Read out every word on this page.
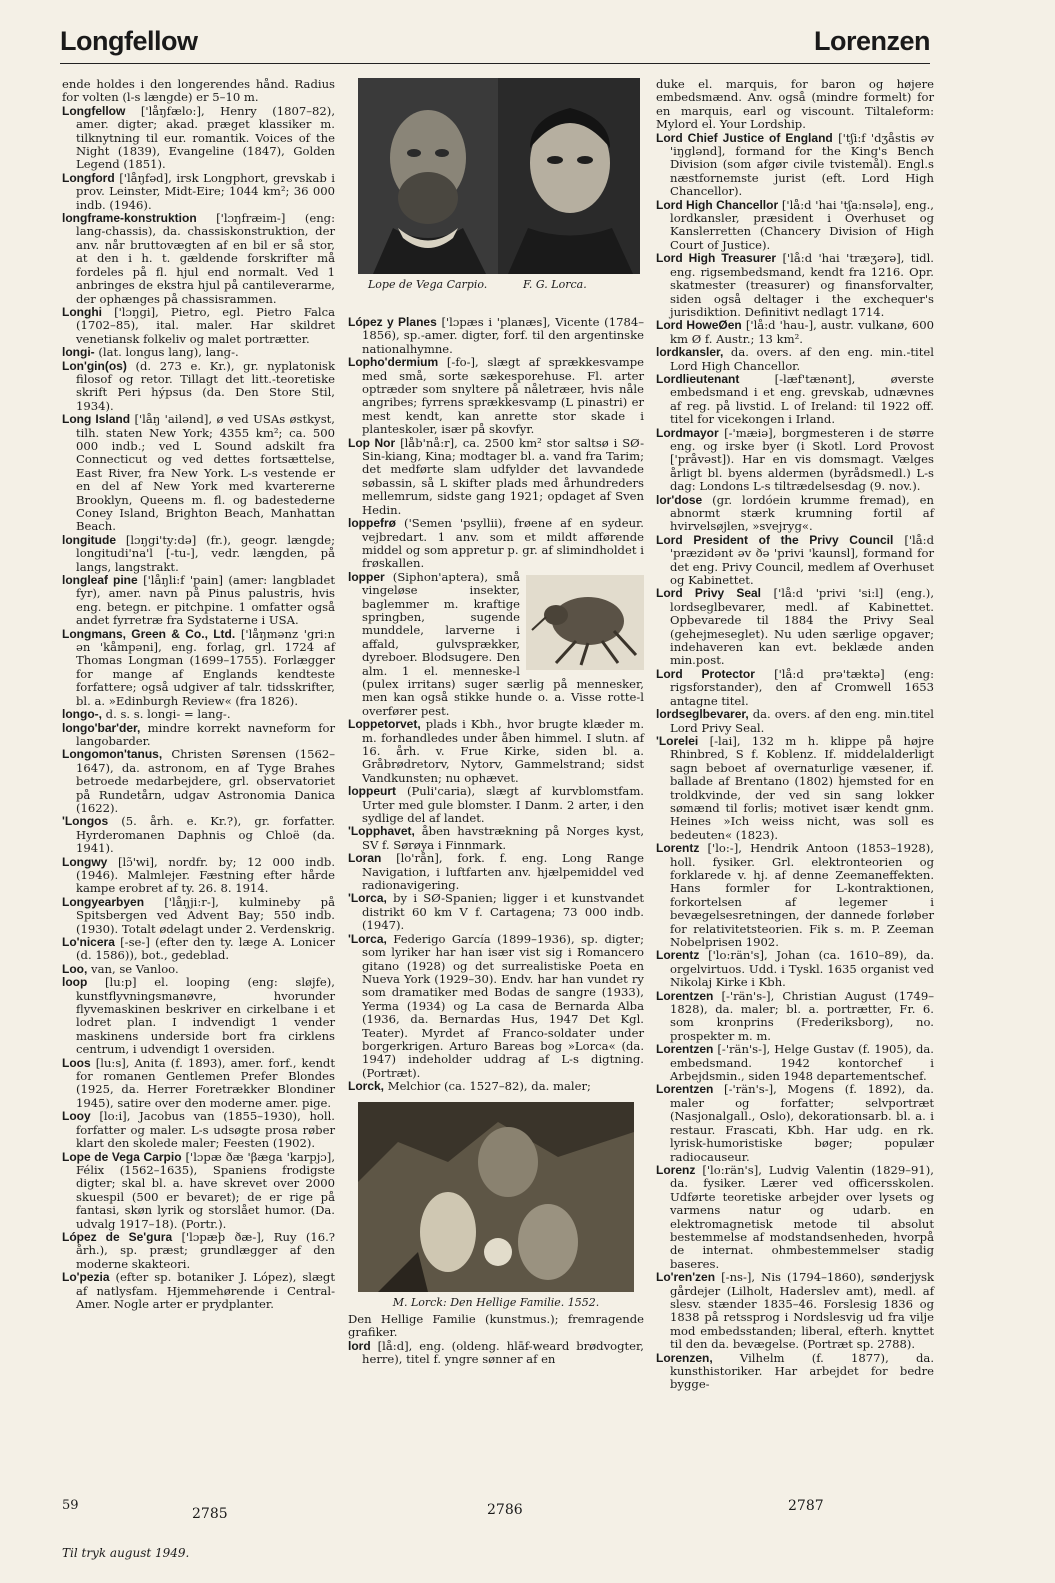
Longfellow	Lorenzen

ende holdes i den longerendes hånd. Radius for volten (l-s længde) er 5–10 m.

Longfellow ['låŋfælo:], Henry (1807–82), amer. digter; akad. præget klassiker m. tilknytning til eur. romantik. Voices of the Night (1839), Evangeline (1847), Golden Legend (1851).

Longford ['låŋfəd], irsk Longphort, grevskab i prov. Leinster, Midt-Eire; 1044 km²; 36 000 indb. (1946).

longframe-konstruktion ['lɔŋfræim-] (eng: lang-chassis), da. chassiskonstruktion, der anv. når bruttovægten af en bil er så stor, at den i h. t. gældende forskrifter må fordeles på fl. hjul end normalt. Ved 1 anbringes de ekstra hjul på cantileverarme, der ophænges på chassisrammen.

Longhi ['lɔŋgi], Pietro, egl. Pietro Falca (1702–85), ital. maler. Har skildret venetiansk folkeliv og malet portrætter.

longi- (lat. longus lang), lang-.

Lon'gin(os) (d. 273 e. Kr.), gr. nyplatonisk filosof og retor. Tillagt det litt.-teoretiske skrift Peri hýpsus (da. Den Store Stil, 1934).

Long Island ['låŋ 'ailənd], ø ved USAs østkyst, tilh. staten New York; 4355 km²; ca. 500 000 indb.; ved L Sound adskilt fra Connecticut og ved dettes fortsættelse, East River, fra New York. L-s vestende er en del af New York med kvartererne Brooklyn, Queens m. fl. og badestederne Coney Island, Brighton Beach, Manhattan Beach.

longitude [lɔŋgi'ty:də] (fr.), geogr. længde; longitudi'na'l [-tu-], vedr. længden, på langs, langstrakt.

longleaf pine ['låŋli:f 'pain] (amer: langbladet fyr), amer. navn på Pinus palustris, hvis eng. betegn. er pitchpine. 1 omfatter også andet fyrretræ fra Sydstaterne i USA.

Longmans, Green & Co., Ltd. ['låŋmənz 'gri:n ən 'kåmpəni], eng. forlag, grl. 1724 af Thomas Longman (1699–1755). Forlægger for mange af Englands kendteste forfattere; også udgiver af talr. tidsskrifter, bl. a. »Edinburgh Review« (fra 1826).

longo-, d. s. s. longi- = lang-.

longo'bar'der, mindre korrekt navneform for langobarder.

Longomon'tanus, Christen Sørensen (1562–1647), da. astronom, en af Tyge Brahes betroede medarbejdere, grl. observatoriet på Rundetårn, udgav Astronomia Danica (1622).

'Longos (5. årh. e. Kr.?), gr. forfatter. Hyrderomanen Daphnis og Chloë (da. 1941).

Longwy [lɔ̃'wi], nordfr. by; 12 000 indb. (1946). Malmlejer. Fæstning efter hårde kampe erobret af ty. 26. 8. 1914.

Longyearbyen ['låŋji:r-], kulmineby på Spitsbergen ved Advent Bay; 550 indb. (1930). Totalt ødelagt under 2. Verdenskrig.

Lo'nicera [-se-] (efter den ty. læge A. Lonicer (d. 1586)), bot., gedeblad.

Loo, van, se Vanloo.

loop [lu:p] el. looping (eng: sløjfe), kunstflyvningsmanøvre, hvorunder flyvemaskinen beskriver en cirkelbane i et lodret plan. I indvendigt 1 vender maskinens underside bort fra cirklens centrum, i udvendigt 1 oversiden.

Loos [lu:s], Anita (f. 1893), amer. forf., kendt for romanen Gentlemen Prefer Blondes (1925, da. Herrer Foretrækker Blondiner 1945), satire over den moderne amer. pige.

Looy [lo:i], Jacobus van (1855–1930), holl. forfatter og maler. L-s udsøgte prosa røber klart den skolede maler; Feesten (1902).

Lope de Vega Carpio ['lɔpæ ðæ 'βæga 'karpjɔ], Félix (1562–1635), Spaniens frodigste digter; skal bl. a. have skrevet over 2000 skuespil (500 er bevaret); de er rige på fantasi, skøn lyrik og storslået humor. (Da. udvalg 1917–18). (Portr.).

López de Se'gura ['lɔpæþ ðæ-], Ruy (16.? årh.), sp. præst; grundlægger af den moderne skakteori.

Lo'pezia (efter sp. botaniker J. López), slægt af natlysfam. Hjemmehørende i Central-Amer. Nogle arter er prydplanter.

Lope de Vega Carpio.	F. G. Lorca.

López y Planes ['lɔpæs i 'planæs], Vicente (1784–1856), sp.-amer. digter, forf. til den argentinske nationalhymne.

Lopho'dermium [-fo-], slægt af sprækkesvampe med små, sorte sækesporehuse. Fl. arter optræder som snyltere på nåletræer, hvis nåle angribes; fyrrens sprækkesvamp (L pinastri) er mest kendt, kan anrette stor skade i planteskoler, især på skovfyr.

Lop Nor [låb'nå:r], ca. 2500 km² stor saltsø i SØ-Sin-kiang, Kina; modtager bl. a. vand fra Tarim; det medførte slam udfylder det lavvandede søbassin, så L skifter plads med århundreders mellemrum, sidste gang 1921; opdaget af Sven Hedin.

loppefrø ('Semen 'psyllii), frøene af en sydeur. vejbredart. 1 anv. som et mildt afførende middel og som appretur p. gr. af slimindholdet i frøskallen.

lopper (Siphon'aptera), små vingeløse insekter, baglemmer m. kraftige springben, sugende munddele, larverne i affald, gulvsprækker, dyreboer. Blodsugere. Den alm. 1 el. menneske-l (pulex irritans) suger særlig på mennesker, men kan også stikke hunde o. a. Visse rotte-l overfører pest.

Loppetorvet, plads i Kbh., hvor brugte klæder m. m. forhandledes under åben himmel. I slutn. af 16. årh. v. Frue Kirke, siden bl. a. Gråbrødretorv, Nytorv, Gammelstrand; sidst Vandkunsten; nu ophævet.

loppeurt (Puli'caria), slægt af kurvblomstfam. Urter med gule blomster. I Danm. 2 arter, i den sydlige del af landet.

'Lopphavet, åben havstrækning på Norges kyst, SV f. Sørøya i Finnmark.

Loran [lo'rån], fork. f. eng. Long Range Navigation, i luftfarten anv. hjælpemiddel ved radionavigering.

'Lorca, by i SØ-Spanien; ligger i et kunstvandet distrikt 60 km V f. Cartagena; 73 000 indb. (1947).

'Lorca, Federigo García (1899–1936), sp. digter; som lyriker har han især vist sig i Romancero gitano (1928) og det surrealistiske Poeta en Nueva York (1929–30). Endv. har han vundet ry som dramatiker med Bodas de sangre (1933), Yerma (1934) og La casa de Bernarda Alba (1936, da. Bernardas Hus, 1947 Det Kgl. Teater). Myrdet af Franco-soldater under borgerkrigen. Arturo Bareas bog »Lorca« (da. 1947) indeholder uddrag af L-s digtning. (Portræt).

Lorck, Melchior (ca. 1527–82), da. maler;

M. Lorck: Den Hellige Familie. 1552.

Den Hellige Familie (kunstmus.); fremragende grafiker.

lord [lå:d], eng. (oldeng. hlāf-weard brødvogter, herre), titel f. yngre sønner af en

duke el. marquis, for baron og højere embedsmænd. Anv. også (mindre formelt) for en marquis, earl og viscount. Tiltaleform: Mylord el. Your Lordship.

Lord Chief Justice of England ['tʃi:f 'dʒåstis əv 'iŋglənd], formand for the King's Bench Division (som afgør civile tvistemål). Engl.s næstfornemste jurist (eft. Lord High Chancellor).

Lord High Chancellor ['lå:d 'hai 'tʃa:nsələ], eng., lordkansler, præsident i Overhuset og Kanslerretten (Chancery Division of High Court of Justice).

Lord High Treasurer ['lå:d 'hai 'træʒərə], tidl. eng. rigsembedsmand, kendt fra 1216. Opr. skatmester (treasurer) og finansforvalter, siden også deltager i the exchequer's jurisdiktion. Definitivt nedlagt 1714.

Lord HoweØen ['lå:d 'hau-], austr. vulkanø, 600 km Ø f. Austr.; 13 km².

lordkansler, da. overs. af den eng. min.-titel Lord High Chancellor.

Lordlieutenant	[-læf'tænənt], øverste embedsmand i et eng. grevskab, udnævnes af reg. på livstid. L of Ireland: til 1922 off. titel for vicekongen i Irland.

Lordmayor [-'mæiə], borgmesteren i de større eng. og irske byer (i Skotl. Lord Provost ['pråvəst]). Har en vis domsmagt. Vælges årligt bl. byens aldermen (byrådsmedl.) L-s dag: Londons L-s tiltrædelsesdag (9. nov.).

lor'dose (gr. lordóein krumme fremad), en abnormt stærk krumning fortil af hvirvelsøjlen, »svejryg«.

Lord President of the Privy Council ['lå:d 'præzidənt əv ðə 'privi 'kaunsl], formand for det eng. Privy Council, medlem af Overhuset og Kabinettet.

Lord Privy Seal ['lå:d 'privi 'si:l] (eng.), lordseglbevarer, medl. af Kabinettet. Opbevarede til 1884 the Privy Seal (gehejmeseglet). Nu uden særlige opgaver; indehaveren kan evt. beklæde anden min.post.

Lord Protector ['lå:d prə'tæktə] (eng: rigsforstander), den af Cromwell 1653 antagne titel.

lordseglbevarer, da. overs. af den eng. min.titel Lord Privy Seal.

'Lorelei [-lai], 132 m h. klippe på højre Rhinbred, S f. Koblenz. If. middelalderligt sagn beboet af overnaturlige væsener, if. ballade af Brentano (1802) hjemsted for en troldkvinde, der ved sin sang lokker sømænd til forlis; motivet især kendt gnm. Heines »Ich weiss nicht, was soll es bedeuten« (1823).

Lorentz ['lo:-], Hendrik Antoon (1853–1928), holl. fysiker. Grl. elektronteorien og forklarede v. hj. af denne Zeemaneffekten. Hans formler for L-kontraktionen, forkortelsen af legemer i bevægelsesretningen, der dannede forløber for relativitetsteorien. Fik s. m. P. Zeeman Nobelprisen 1902.

Lorentz ['lo:rän's], Johan (ca. 1610–89), da. orgelvirtuos. Udd. i Tyskl. 1635 organist ved Nikolaj Kirke i Kbh.

Lorentzen [-'rän's-], Christian August (1749–1828), da. maler; bl. a. portrætter, Fr. 6. som kronprins (Frederiksborg), no. prospekter m. m.

Lorentzen [-'rän's-], Helge Gustav (f. 1905), da. embedsmand. 1942 kontorchef i Arbejdsmin., siden 1948 departementschef.

Lorentzen [-'rän's-], Mogens (f. 1892), da. maler og forfatter; selvportræt (Nasjonalgall., Oslo), dekorationsarb. bl. a. i restaur. Frascati, Kbh. Har udg. en rk. lyrisk-humoristiske bøger; populær radiocauseur.

Lorenz ['lo:rän's], Ludvig Valentin (1829–91), da. fysiker. Lærer ved officersskolen. Udførte teoretiske arbejder over lysets og varmens natur og udarb. en elektromagnetisk metode til absolut bestemmelse af modstandsenheden, hvorpå de internat. ohmbestemmelser stadig baseres.

Lo'ren'zen [-ns-], Nis (1794–1860), sønderjysk gårdejer (Lilholt, Haderslev amt), medl. af slesv. stænder 1835–46. Forslesig 1836 og 1838 på retssprog i Nordslesvig ud fra vilje mod embedsstanden; liberal, efterh. knyttet til den da. bevægelse. (Portræt sp. 2788).

Lorenzen, Vilhelm (f. 1877), da. kunsthistoriker. Har arbejdet for bedre bygge-

59
2785	2786	2787
Til tryk august 1949.
